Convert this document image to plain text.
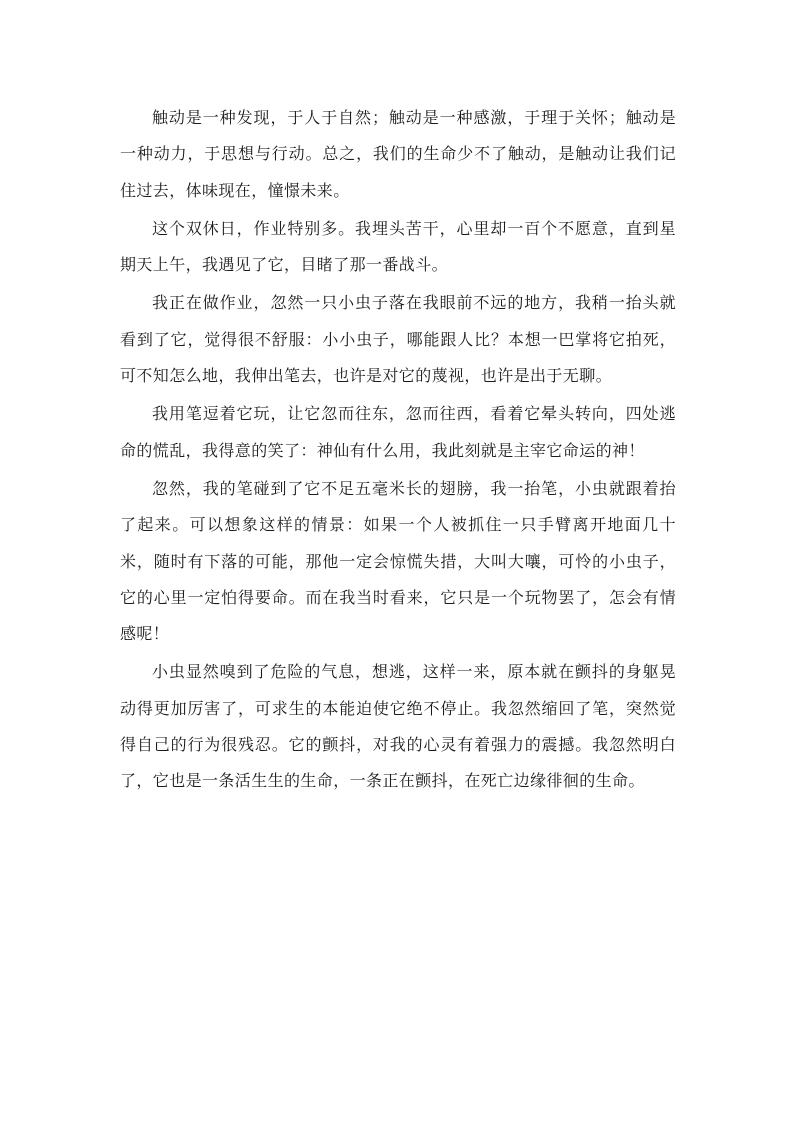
触动是一种发现，于人于自然；触动是一种感激，于理于关怀；触动是一种动力，于思想与行动。总之，我们的生命少不了触动，是触动让我们记住过去，体味现在，憧憬未来。

这个双休日，作业特别多。我埋头苦干，心里却一百个不愿意，直到星期天上午，我遇见了它，目睹了那一番战斗。

我正在做作业，忽然一只小虫子落在我眼前不远的地方，我稍一抬头就看到了它，觉得很不舒服：小小虫子，哪能跟人比？本想一巴掌将它拍死，可不知怎么地，我伸出笔去，也许是对它的蔑视，也许是出于无聊。

我用笔逗着它玩，让它忽而往东，忽而往西，看着它晕头转向，四处逃命的慌乱，我得意的笑了：神仙有什么用，我此刻就是主宰它命运的神！

忽然，我的笔碰到了它不足五毫米长的翅膀，我一抬笔，小虫就跟着抬了起来。可以想象这样的情景：如果一个人被抓住一只手臂离开地面几十米，随时有下落的可能，那他一定会惊慌失措，大叫大嚷，可怜的小虫子，它的心里一定怕得要命。而在我当时看来，它只是一个玩物罢了，怎会有情感呢！

小虫显然嗅到了危险的气息，想逃，这样一来，原本就在颤抖的身躯晃动得更加厉害了，可求生的本能迫使它绝不停止。我忽然缩回了笔，突然觉得自己的行为很残忍。它的颤抖，对我的心灵有着强力的震撼。我忽然明白了，它也是一条活生生的生命，一条正在颤抖，在死亡边缘徘徊的生命。
